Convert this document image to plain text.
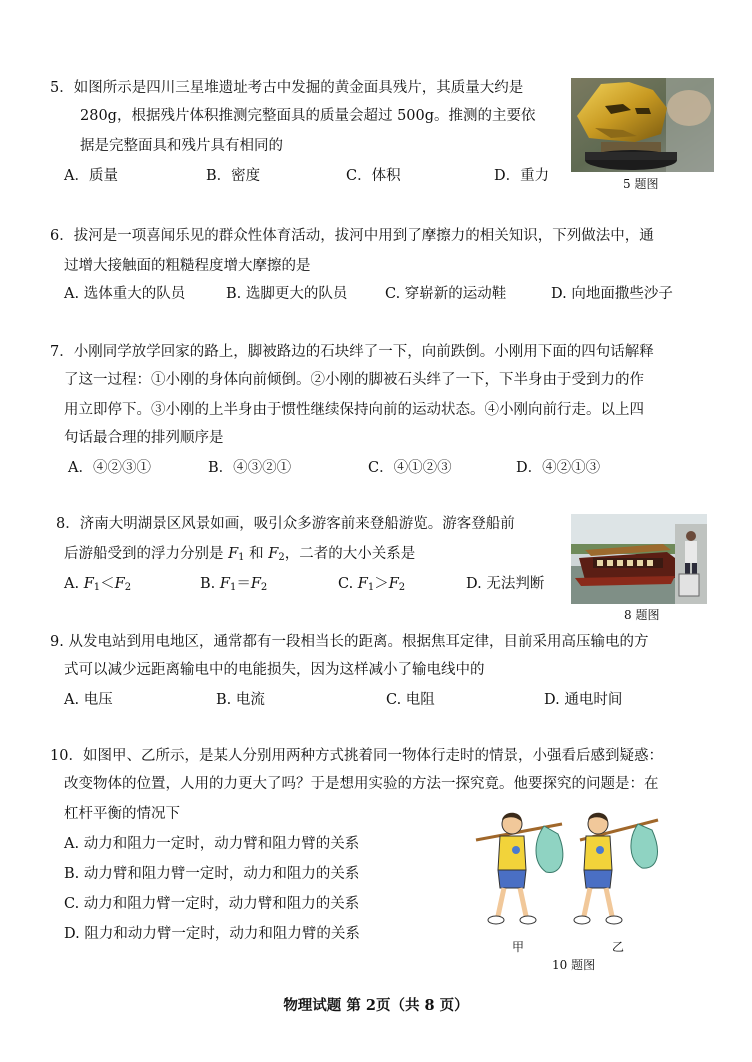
5．如图所示是四川三星堆遗址考古中发掘的黄金面具残片，其质量大约是
280g，根据残片体积推测完整面具的质量会超过 500g。推测的主要依
据是完整面具和残片具有相同的
A．质量	B．密度	C．体积	D．重力	5 题图
6．拔河是一项喜闻乐见的群众性体育活动，拔河中用到了摩擦力的相关知识，下列做法中，通
过增大接触面的粗糙程度增大摩擦的是
A. 选体重大的队员	B. 选脚更大的队员	C. 穿崭新的运动鞋	D. 向地面撒些沙子
7．小刚同学放学回家的路上，脚被路边的石块绊了一下，向前跌倒。小刚用下面的四句话解释
了这一过程：①小刚的身体向前倾倒。②小刚的脚被石头绊了一下，下半身由于受到力的作
用立即停下。③小刚的上半身由于惯性继续保持向前的运动状态。④小刚向前行走。以上四
句话最合理的排列顺序是
A．④②③①	B．④③②①	C．④①②③	D．④②①③
8．济南大明湖景区风景如画，吸引众多游客前来登船游览。游客登船前
后游船受到的浮力分别是 $F_1$ 和 $F_2$，二者的大小关系是
A. $F_1<F_2$	B. $F_1=F_2$	C. $F_1>F_2$	D. 无法判断
8 题图
9. 从发电站到用电地区，通常都有一段相当长的距离。根据焦耳定律，目前采用高压输电的方
式可以减少远距离输电中的电能损失，因为这样减小了输电线中的
A. 电压	B. 电流	C. 电阻	D. 通电时间
10．如图甲、乙所示，是某人分别用两种方式挑着同一物体行走时的情景，小强看后感到疑惑：
改变物体的位置，人用的力更大了吗？于是想用实验的方法一探究竟。他要探究的问题是：在
杠杆平衡的情况下
A. 动力和阻力一定时，动力臂和阻力臂的关系
B. 动力臂和阻力臂一定时，动力和阻力的关系
C. 动力和阻力臂一定时，动力臂和阻力的关系
D. 阻力和动力臂一定时，动力和阻力臂的关系
甲	乙
10 题图
物理试题 第 2页（共 8 页）
